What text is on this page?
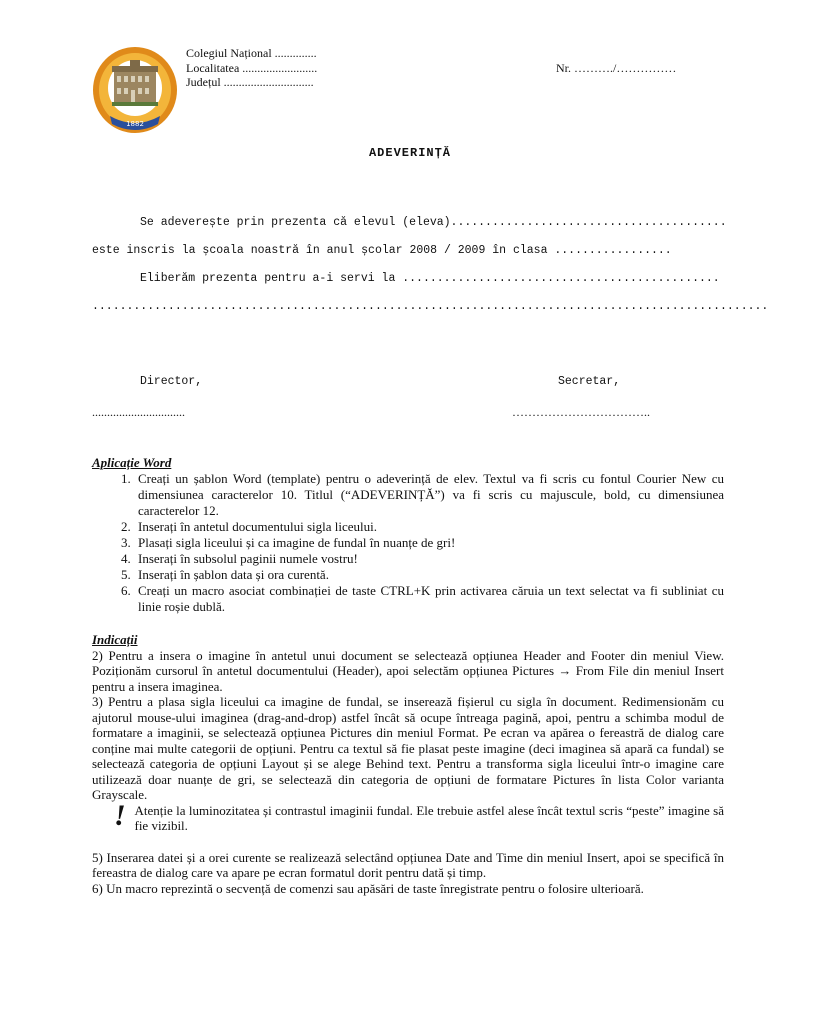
1882
Colegiul Național ..............
Localitatea .........................
Județul ..............................
Nr. ………./……………
ADEVERINȚĂ
Se adeverește prin prezenta că elevul (eleva)........................................
este inscris la școala noastră în anul școlar 2008 / 2009 în clasa .................
Eliberăm prezenta pentru a-i servi la ..............................................
..................................................................................................
Director,	Secretar,
...............................	……………………………..
Aplicație Word
1. Creați un șablon Word (template) pentru o adeverință de elev. Textul va fi scris cu fontul Courier New cu dimensiunea caracterelor 10. Titlul (“ADEVERINȚĂ”) va fi scris cu majuscule, bold, cu dimensiunea caracterelor 12.
2. Inserați în antetul documentului sigla liceului.
3. Plasați sigla liceului și ca imagine de fundal în nuanțe de gri!
4. Inserați în subsolul paginii numele vostru!
5. Inserați în șablon data și ora curentă.
6. Creați un macro asociat combinației de taste CTRL+K prin activarea căruia un text selectat va fi subliniat cu linie roșie dublă.
Indicații

2) Pentru a insera o imagine în antetul unui document se selectează opțiunea Header and Footer din meniul View. Poziționăm cursorul în antetul documentului (Header), apoi selectăm opțiunea Pictures → From File din meniul Insert pentru a insera imaginea.

3) Pentru a plasa sigla liceului ca imagine de fundal, se inserează fișierul cu sigla în document. Redimensionăm cu ajutorul mouse-ului imaginea (drag-and-drop) astfel încât să ocupe întreaga pagină, apoi, pentru a schimba modul de formatare a imaginii, se selectează opțiunea Pictures din meniul Format. Pe ecran va apărea o fereastră de dialog care conține mai multe categorii de opțiuni. Pentru ca textul să fie plasat peste imagine (deci imaginea să apară ca fundal) se selectează categoria de opțiuni Layout și se alege Behind text. Pentru a transforma sigla liceului într-o imagine care utilizează doar nuanțe de gri, se selectează din categoria de opțiuni de formatare Pictures în lista Color varianta Grayscale.

! Atenție la luminozitatea și contrastul imaginii fundal. Ele trebuie astfel alese încât textul scris “peste” imagine să fie vizibil.

5) Inserarea datei și a orei curente se realizează selectând opțiunea Date and Time din meniul Insert, apoi se specifică în fereastra de dialog care va apare pe ecran formatul dorit pentru dată și timp.

6) Un macro reprezintă o secvență de comenzi sau apăsări de taste înregistrate pentru o folosire ulterioară.
